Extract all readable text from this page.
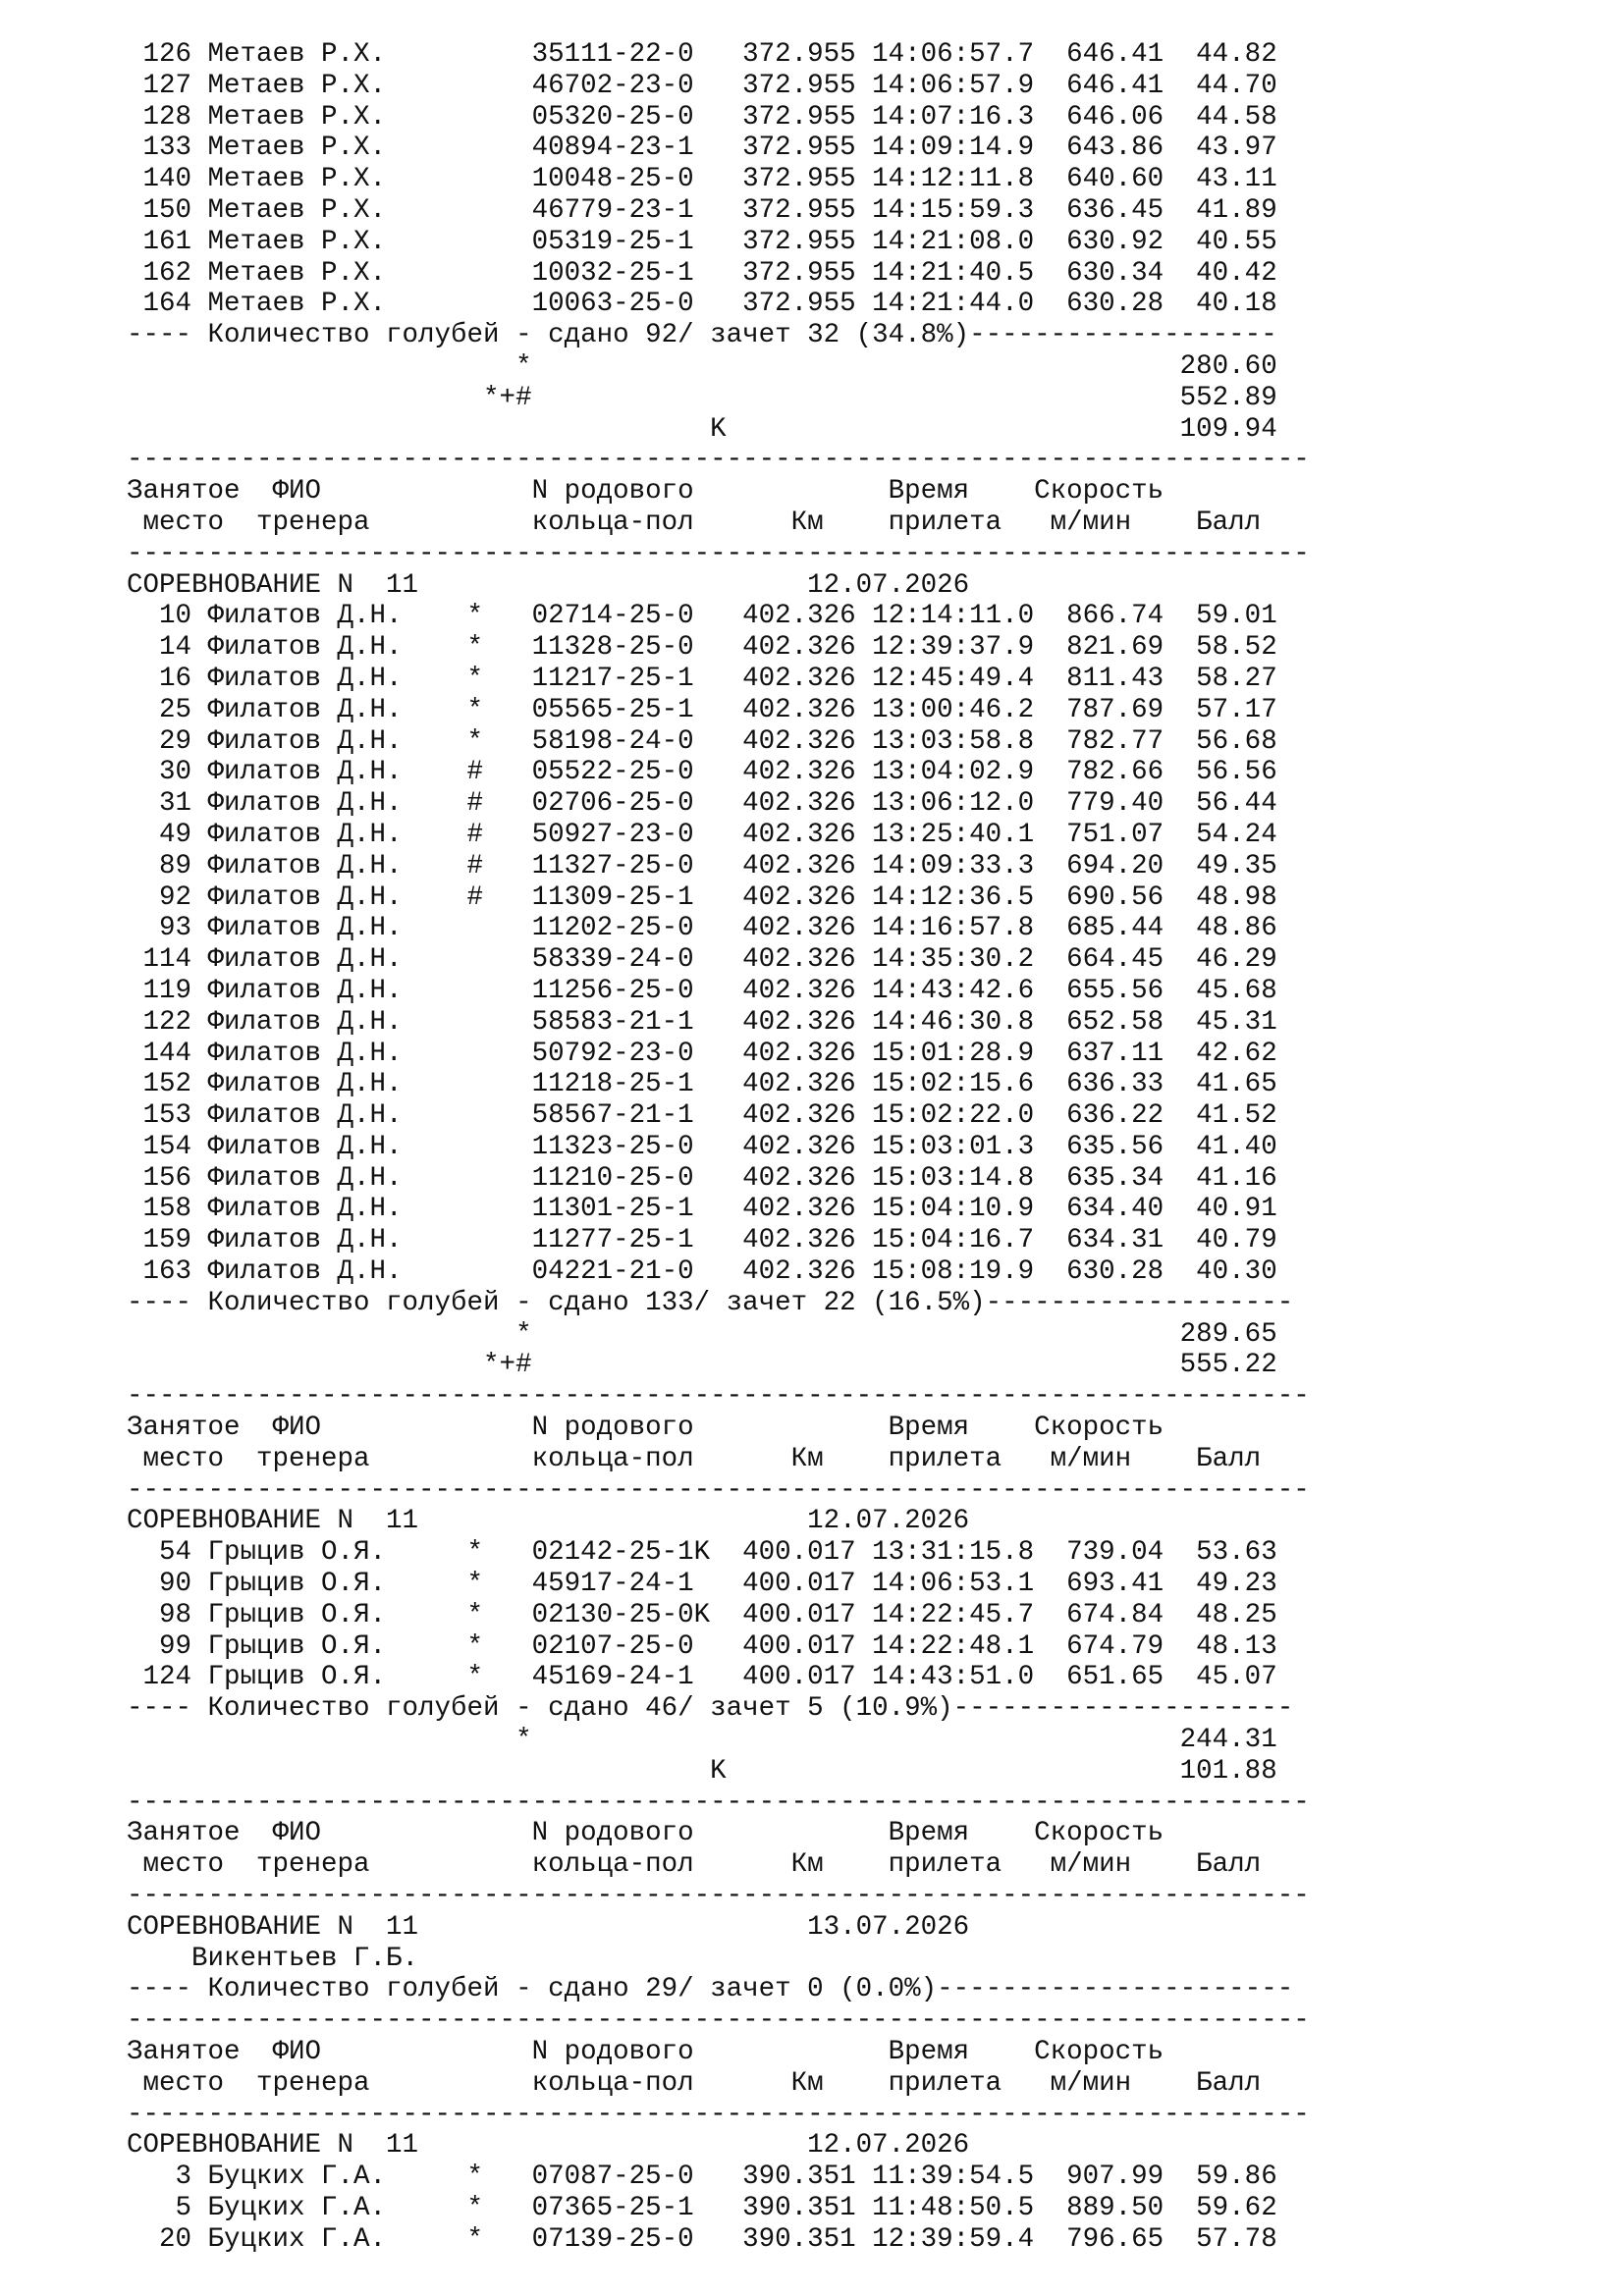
126 Метаев Р.Х.         35111-22-0   372.955 14:06:57.7  646.41  44.82
127 Метаев Р.Х.         46702-23-0   372.955 14:06:57.9  646.41  44.70
128 Метаев Р.Х.         05320-25-0   372.955 14:07:16.3  646.06  44.58
133 Метаев Р.Х.         40894-23-1   372.955 14:09:14.9  643.86  43.97
140 Метаев Р.Х.         10048-25-0   372.955 14:12:11.8  640.60  43.11
150 Метаев Р.Х.         46779-23-1   372.955 14:15:59.3  636.45  41.89
161 Метаев Р.Х.         05319-25-1   372.955 14:21:08.0  630.92  40.55
162 Метаев Р.Х.         10032-25-1   372.955 14:21:40.5  630.34  40.42
164 Метаев Р.Х.         10063-25-0   372.955 14:21:44.0  630.28  40.18
---- Количество голубей - сдано 92/ зачет 32 (34.8%)-------------------
*                                        280.60
*+#                                        552.89
K                            109.94
-------------------------------------------------------------------------
Занятое  ФИО             N родового            Время    Скорость
место  тренера          кольца-пол      Км    прилета   м/мин    Балл
-------------------------------------------------------------------------
СОРЕВНОВАНИЕ N  11                        12.07.2026
10 Филатов Д.Н.    *   02714-25-0   402.326 12:14:11.0  866.74  59.01
14 Филатов Д.Н.    *   11328-25-0   402.326 12:39:37.9  821.69  58.52
16 Филатов Д.Н.    *   11217-25-1   402.326 12:45:49.4  811.43  58.27
25 Филатов Д.Н.    *   05565-25-1   402.326 13:00:46.2  787.69  57.17
29 Филатов Д.Н.    *   58198-24-0   402.326 13:03:58.8  782.77  56.68
30 Филатов Д.Н.    #   05522-25-0   402.326 13:04:02.9  782.66  56.56
31 Филатов Д.Н.    #   02706-25-0   402.326 13:06:12.0  779.40  56.44
49 Филатов Д.Н.    #   50927-23-0   402.326 13:25:40.1  751.07  54.24
89 Филатов Д.Н.    #   11327-25-0   402.326 14:09:33.3  694.20  49.35
92 Филатов Д.Н.    #   11309-25-1   402.326 14:12:36.5  690.56  48.98
93 Филатов Д.Н.        11202-25-0   402.326 14:16:57.8  685.44  48.86
114 Филатов Д.Н.        58339-24-0   402.326 14:35:30.2  664.45  46.29
119 Филатов Д.Н.        11256-25-0   402.326 14:43:42.6  655.56  45.68
122 Филатов Д.Н.        58583-21-1   402.326 14:46:30.8  652.58  45.31
144 Филатов Д.Н.        50792-23-0   402.326 15:01:28.9  637.11  42.62
152 Филатов Д.Н.        11218-25-1   402.326 15:02:15.6  636.33  41.65
153 Филатов Д.Н.        58567-21-1   402.326 15:02:22.0  636.22  41.52
154 Филатов Д.Н.        11323-25-0   402.326 15:03:01.3  635.56  41.40
156 Филатов Д.Н.        11210-25-0   402.326 15:03:14.8  635.34  41.16
158 Филатов Д.Н.        11301-25-1   402.326 15:04:10.9  634.40  40.91
159 Филатов Д.Н.        11277-25-1   402.326 15:04:16.7  634.31  40.79
163 Филатов Д.Н.        04221-21-0   402.326 15:08:19.9  630.28  40.30
---- Количество голубей - сдано 133/ зачет 22 (16.5%)-------------------
*                                        289.65
*+#                                        555.22
-------------------------------------------------------------------------
Занятое  ФИО             N родового            Время    Скорость
место  тренера          кольца-пол      Км    прилета   м/мин    Балл
-------------------------------------------------------------------------
СОРЕВНОВАНИЕ N  11                        12.07.2026
54 Грыцив О.Я.     *   02142-25-1K  400.017 13:31:15.8  739.04  53.63
90 Грыцив О.Я.     *   45917-24-1   400.017 14:06:53.1  693.41  49.23
98 Грыцив О.Я.     *   02130-25-0K  400.017 14:22:45.7  674.84  48.25
99 Грыцив О.Я.     *   02107-25-0   400.017 14:22:48.1  674.79  48.13
124 Грыцив О.Я.     *   45169-24-1   400.017 14:43:51.0  651.65  45.07
---- Количество голубей - сдано 46/ зачет 5 (10.9%)---------------------
*                                        244.31
K                            101.88
-------------------------------------------------------------------------
Занятое  ФИО             N родового            Время    Скорость
место  тренера          кольца-пол      Км    прилета   м/мин    Балл
-------------------------------------------------------------------------
СОРЕВНОВАНИЕ N  11                        13.07.2026
Викентьев Г.Б.
---- Количество голубей - сдано 29/ зачет 0 (0.0%)----------------------
-------------------------------------------------------------------------
Занятое  ФИО             N родового            Время    Скорость
место  тренера          кольца-пол      Км    прилета   м/мин    Балл
-------------------------------------------------------------------------
СОРЕВНОВАНИЕ N  11                        12.07.2026
3 Буцких Г.А.     *   07087-25-0   390.351 11:39:54.5  907.99  59.86
5 Буцких Г.А.     *   07365-25-1   390.351 11:48:50.5  889.50  59.62
20 Буцких Г.А.     *   07139-25-0   390.351 12:39:59.4  796.65  57.78
